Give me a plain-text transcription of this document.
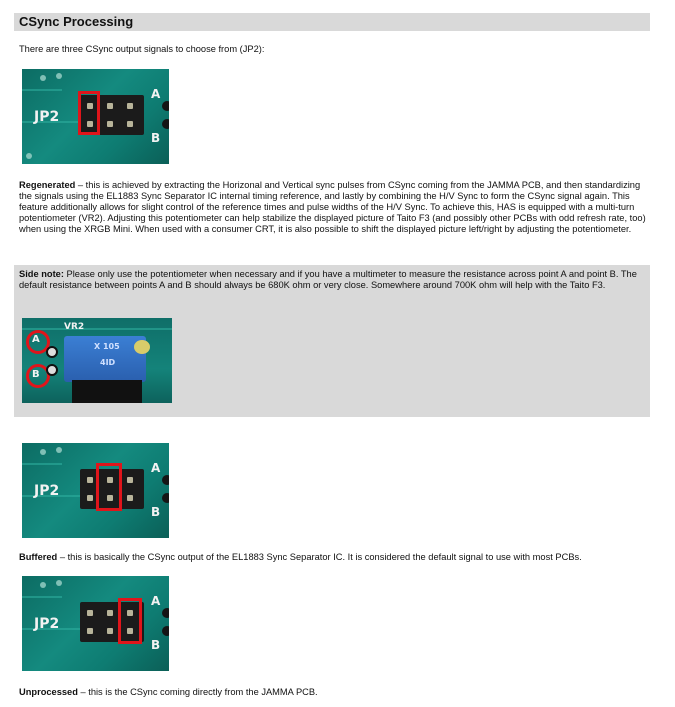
CSync Processing
There are three CSync output signals to choose from (JP2):
JP2
A
B
Regenerated – this is achieved by extracting the Horizonal and Vertical sync pulses from CSync coming from the JAMMA PCB, and then standardizing the signals using the EL1883 Sync Separator IC internal timing reference, and lastly by combining the H/V Sync to form the CSync signal again. This feature additionally allows for slight control of the reference times and pulse widths of the H/V Sync. To achieve this, HAS is equipped with a multi-turn potentiometer (VR2). Adjusting this potentiometer can help stabilize the displayed picture of Taito F3 (and possibly other PCBs with odd refresh rate, too) when using the XRGB Mini. When used with a consumer CRT, it is also possible to shift the displayed picture left/right by adjusting the potentiometer.
Side note: Please only use the potentiometer when necessary and if you have a multimeter to measure the resistance across point A and point B. The default resistance between points A and B should always be 680K ohm or very close. Somewhere around 700K ohm will help with the Taito F3.
VR2
X 105
4ID
A
B
JP2
A
B
Buffered – this is basically the CSync output of the EL1883 Sync Separator IC. It is considered the default signal to use with most PCBs.
JP2
A
B
Unprocessed – this is the CSync coming directly from the JAMMA PCB.
